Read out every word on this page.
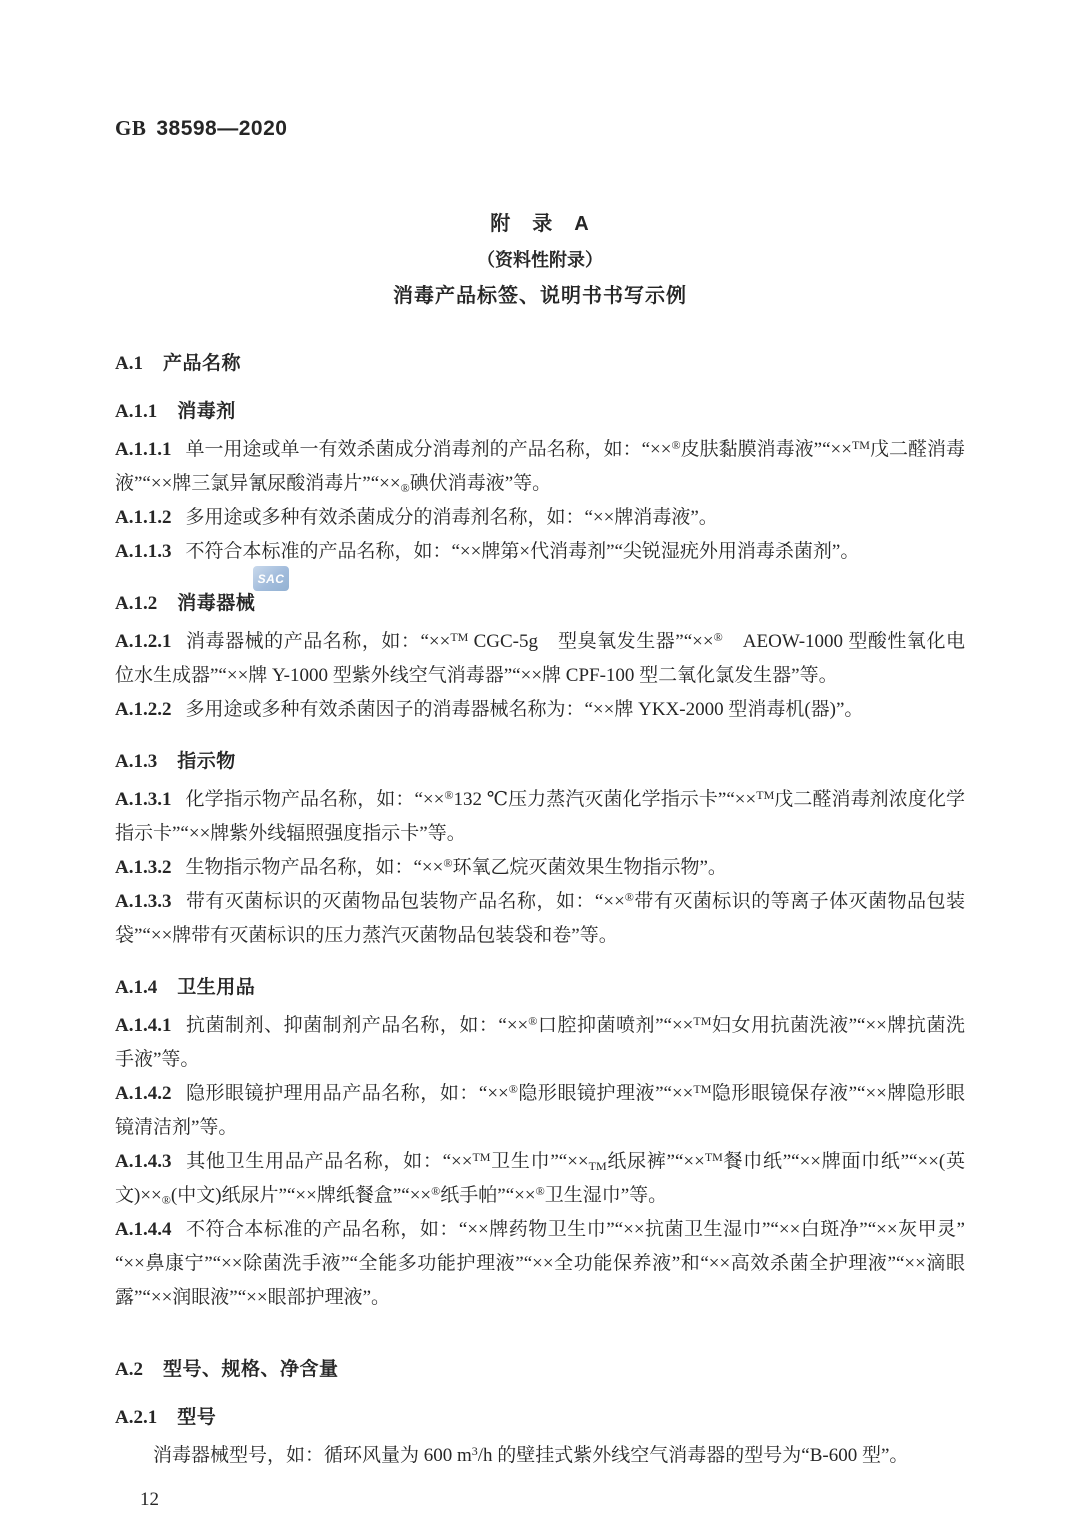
GB 38598—2020
附　录　A
（资料性附录）
消毒产品标签、说明书书写示例
A.1 产品名称
A.1.1 消毒剂

A.1.1.1 单一用途或单一有效杀菌成分消毒剂的产品名称，如：“××®皮肤黏膜消毒液”“××™戊二醛消毒液”“××牌三氯异氰尿酸消毒片$”“\times\times_®$碘伏消毒液”等。

A.1.1.2 多用途或多种有效杀菌成分的消毒剂名称，如：“××牌消毒液”。

A.1.1.3 不符合本标准的产品名称，如：“××牌第×代消毒剂”“尖锐湿疣外用消毒杀菌剂”。

A.1.2 消毒器械

A.1.2.1 消毒器械的产品名称，如：“××™ CGC-5g　型臭氧发生器”“××®　AEOW-1000 型酸性氧化电位水生成器”“××牌 Y-1000 型紫外线空气消毒器”“××牌 CPF-100 型二氧化氯发生器”等。

A.1.2.2 多用途或多种有效杀菌因子的消毒器械名称为：“××牌 YKX-2000 型消毒机(器)”。

A.1.3 指示物

A.1.3.1 化学指示物产品名称，如：“××®132 ℃压力蒸汽灭菌化学指示卡”“××™戊二醛消毒剂浓度化学指示卡”“××牌紫外线辐照强度指示卡”等。

A.1.3.2 生物指示物产品名称，如：“××®环氧乙烷灭菌效果生物指示物”。

A.1.3.3 带有灭菌标识的灭菌物品包装物产品名称，如：“××®带有灭菌标识的等离子体灭菌物品包装袋”“××牌带有灭菌标识的压力蒸汽灭菌物品包装袋和卷”等。

A.1.4 卫生用品

A.1.4.1 抗菌制剂、抑菌制剂产品名称，如：“××®口腔抑菌喷剂”“××™妇女用抗菌洗液”“××牌抗菌洗手液”等。

A.1.4.2 隐形眼镜护理用品产品名称，如：“××®隐形眼镜护理液”“××™隐形眼镜保存液”“××牌隐形眼镜清洁剂”等。

A.1.4.3 其他卫生用品产品名称，如：“××™卫生巾$”“\times\times_{TM}$纸尿裤”“××™餐巾纸”“××牌面巾纸”“××(英文)$\times\times_®$(中文)纸尿片”“××牌纸餐盒”“××®纸手帕”“××®卫生湿巾”等。

A.1.4.4 不符合本标准的产品名称，如：“××牌药物卫生巾”“××抗菌卫生湿巾”“××白斑净”“××灰甲灵”“××鼻康宁”“××除菌洗手液”“全能多功能护理液”“××全功能保养液”和“××高效杀菌全护理液”“××滴眼露”“××润眼液”“××眼部护理液”。

A.2 型号、规格、净含量
A.2.1 型号

消毒器械型号，如：循环风量为 600 $m^3/h$ 的壁挂式紫外线空气消毒器的型号为“B-600 型”。

12
SAC
